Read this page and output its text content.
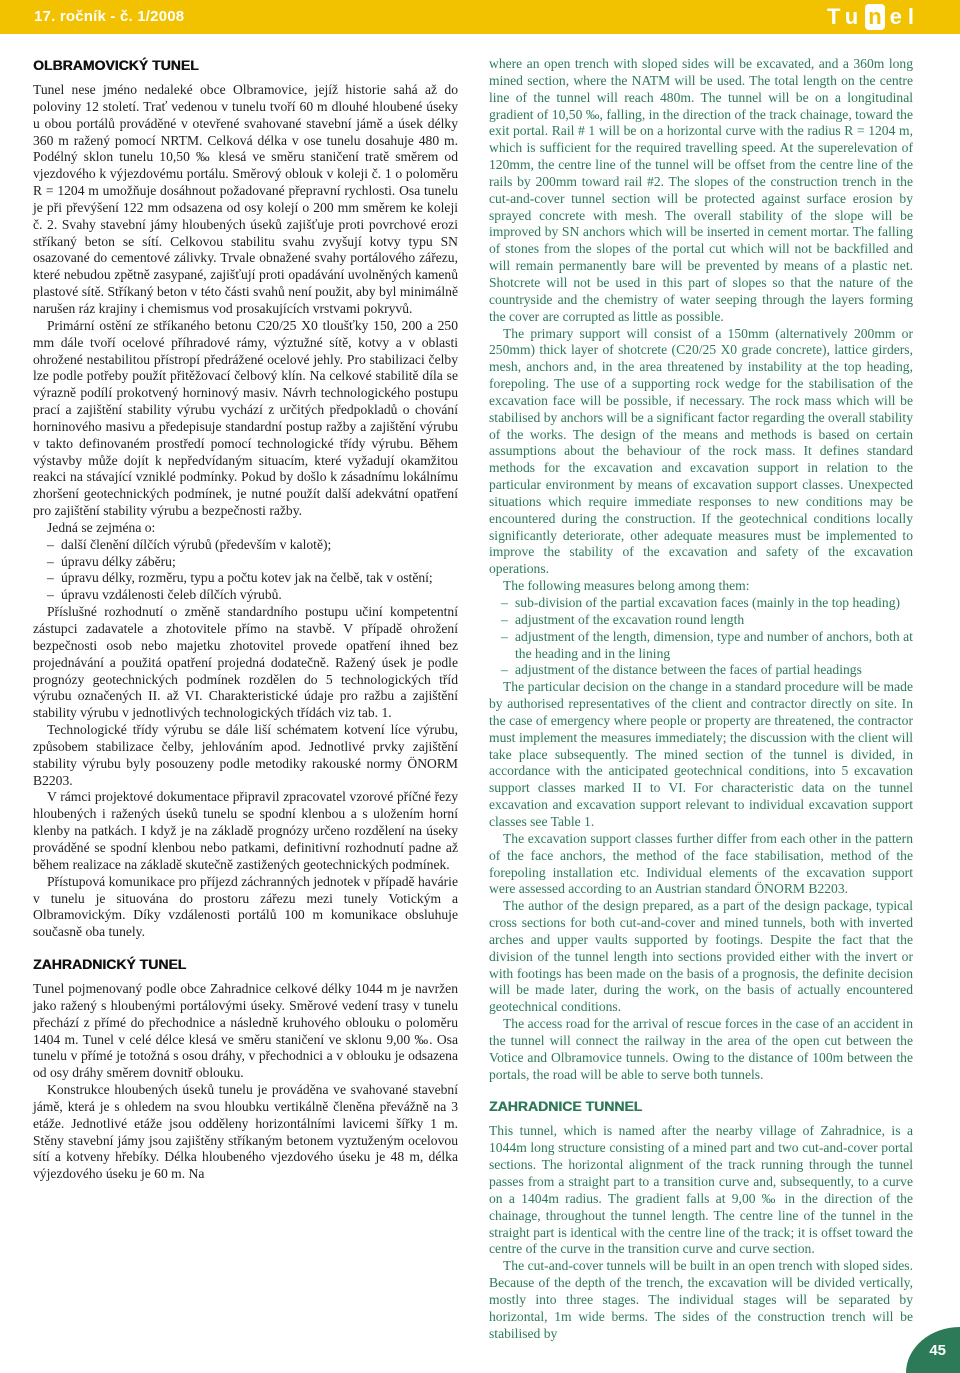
17. ročník - č. 1/2008	Tu n el
OLBRAMOVICKÝ TUNEL

Tunel nese jméno nedaleké obce Olbramovice, jejíž historie sahá až do poloviny 12 století. Trať vedenou v tunelu tvoří 60 m dlouhé hloubené úseky u obou portálů prováděné v otevřené svahované stavební jámě a úsek délky 360 m ražený pomocí NRTM. Celková délka v ose tunelu dosahuje 480 m. Podélný sklon tunelu 10,50 ‰ klesá ve směru staničení tratě směrem od vjezdového k výjezdovému portálu. Směrový oblouk v koleji č. 1 o poloměru R = 1204 m umožňuje dosáhnout požadované přepravní rychlosti. Osa tunelu je při převýšení 122 mm odsazena od osy kolejí o 200 mm směrem ke koleji č. 2. Svahy stavební jámy hloubených úseků zajišťuje proti povrchové erozi stříkaný beton se sítí. Celkovou stabilitu svahu zvyšují kotvy typu SN osazované do cementové zálivky. Trvale obnažené svahy portálového zářezu, které nebudou zpětně zasypané, zajišťují proti opadávání uvolněných kamenů plastové sítě. Stříkaný beton v této části svahů není použit, aby byl minimálně narušen ráz krajiny i chemismus vod prosakujících vrstvami pokryvů.

Primární ostění ze stříkaného betonu C20/25 X0 tloušťky 150, 200 a 250 mm dále tvoří ocelové příhradové rámy, výztužné sítě, kotvy a v oblasti ohrožené nestabilitou přístropí předrážené ocelové jehly. Pro stabilizaci čelby lze podle potřeby použít přitěžovací čelbový klín. Na celkové stabilitě díla se výrazně podílí prokotvený horninový masiv. Návrh technologického postupu prací a zajištění stability výrubu vychází z určitých předpokladů o chování horninového masivu a předepisuje standardní postup ražby a zajištění výrubu v takto definovaném prostředí pomocí technologické třídy výrubu. Během výstavby může dojít k nepředvídaným situacím, které vyžadují okamžitou reakci na stávající vzniklé podmínky. Pokud by došlo k zásadnímu lokálnímu zhoršení geotechnických podmínek, je nutné použít další adekvátní opatření pro zajištění stability výrubu a bezpečnosti ražby.

Jedná se zejména o:

– další členění dílčích výrubů (především v kalotě);
– úpravu délky záběru;
– úpravu délky, rozměru, typu a počtu kotev jak na čelbě, tak v ostění;
– úpravu vzdálenosti čeleb dílčích výrubů.

Příslušné rozhodnutí o změně standardního postupu učiní kompetentní zástupci zadavatele a zhotovitele přímo na stavbě. V případě ohrožení bezpečnosti osob nebo majetku zhotovitel provede opatření ihned bez projednávání a použitá opatření projedná dodatečně. Ražený úsek je podle prognózy geotechnických podmínek rozdělen do 5 technologických tříd výrubu označených II. až VI. Charakteristické údaje pro ražbu a zajištění stability výrubu v jednotlivých technologických třídách viz tab. 1.

Technologické třídy výrubu se dále liší schématem kotvení líce výrubu, způsobem stabilizace čelby, jehlováním apod. Jednotlivé prvky zajištění stability výrubu byly posouzeny podle metodiky rakouské normy ÖNORM B2203.

V rámci projektové dokumentace připravil zpracovatel vzorové příčné řezy hloubených i ražených úseků tunelu se spodní klenbou a s uložením horní klenby na patkách. I když je na základě prognózy určeno rozdělení na úseky prováděné se spodní klenbou nebo patkami, definitivní rozhodnutí padne až během realizace na základě skutečně zastižených geotechnických podmínek.

Přístupová komunikace pro příjezd záchranných jednotek v případě havárie v tunelu je situována do prostoru zářezu mezi tunely Votickým a Olbramovickým. Díky vzdálenosti portálů 100 m komunikace obsluhuje současně oba tunely.

ZAHRADNICKÝ TUNEL

Tunel pojmenovaný podle obce Zahradnice celkové délky 1044 m je navržen jako ražený s hloubenými portálovými úseky. Směrové vedení trasy v tunelu přechází z přímé do přechodnice a následně kruhového oblouku o poloměru 1404 m. Tunel v celé délce klesá ve směru staničení ve sklonu 9,00 ‰. Osa tunelu v přímé je totožná s osou dráhy, v přechodnici a v oblouku je odsazena od osy dráhy směrem dovnitř oblouku.

Konstrukce hloubených úseků tunelu je prováděna ve svahované stavební jámě, která je s ohledem na svou hloubku vertikálně členěna převážně na 3 etáže. Jednotlivé etáže jsou odděleny horizontálními lavicemi šířky 1 m. Stěny stavební jámy jsou zajištěny stříkaným betonem vyztuženým ocelovou sítí a kotveny hřebíky. Délka hloubeného vjezdového úseku je 48 m, délka výjezdového úseku je 60 m. Na

where an open trench with sloped sides will be excavated, and a 360m long mined section, where the NATM will be used. The total length on the centre line of the tunnel will reach 480m. The tunnel will be on a longitudinal gradient of 10,50 ‰, falling, in the direction of the track chainage, toward the exit portal. Rail # 1 will be on a horizontal curve with the radius R = 1204 m, which is sufficient for the required travelling speed. At the superelevation of 120mm, the centre line of the tunnel will be offset from the centre line of the rails by 200mm toward rail #2. The slopes of the construction trench in the cut-and-cover tunnel section will be protected against surface erosion by sprayed concrete with mesh. The overall stability of the slope will be improved by SN anchors which will be inserted in cement mortar. The falling of stones from the slopes of the portal cut which will not be backfilled and will remain permanently bare will be prevented by means of a plastic net. Shotcrete will not be used in this part of slopes so that the nature of the countryside and the chemistry of water seeping through the layers forming the cover are corrupted as little as possible.

The primary support will consist of a 150mm (alternatively 200mm or 250mm) thick layer of shotcrete (C20/25 X0 grade concrete), lattice girders, mesh, anchors and, in the area threatened by instability at the top heading, forepoling. The use of a supporting rock wedge for the stabilisation of the excavation face will be possible, if necessary. The rock mass which will be stabilised by anchors will be a significant factor regarding the overall stability of the works. The design of the means and methods is based on certain assumptions about the behaviour of the rock mass. It defines standard methods for the excavation and excavation support in relation to the particular environment by means of excavation support classes. Unexpected situations which require immediate responses to new conditions may be encountered during the construction. If the geotechnical conditions locally significantly deteriorate, other adequate measures must be implemented to improve the stability of the excavation and safety of the excavation operations.

The following measures belong among them:

– sub-division of the partial excavation faces (mainly in the top heading)
– adjustment of the excavation round length
– adjustment of the length, dimension, type and number of anchors, both at the heading and in the lining
– adjustment of the distance between the faces of partial headings

The particular decision on the change in a standard procedure will be made by authorised representatives of the client and contractor directly on site. In the case of emergency where people or property are threatened, the contractor must implement the measures immediately; the discussion with the client will take place subsequently. The mined section of the tunnel is divided, in accordance with the anticipated geotechnical conditions, into 5 excavation support classes marked II to VI. For characteristic data on the tunnel excavation and excavation support relevant to individual excavation support classes see Table 1.

The excavation support classes further differ from each other in the pattern of the face anchors, the method of the face stabilisation, method of the forepoling installation etc. Individual elements of the excavation support were assessed according to an Austrian standard ÖNORM B2203.

The author of the design prepared, as a part of the design package, typical cross sections for both cut-and-cover and mined tunnels, both with inverted arches and upper vaults supported by footings. Despite the fact that the division of the tunnel length into sections provided either with the invert or with footings has been made on the basis of a prognosis, the definite decision will be made later, during the work, on the basis of actually encountered geotechnical conditions.

The access road for the arrival of rescue forces in the case of an accident in the tunnel will connect the railway in the area of the open cut between the Votice and Olbramovice tunnels. Owing to the distance of 100m between the portals, the road will be able to serve both tunnels.

ZAHRADNICE TUNNEL

This tunnel, which is named after the nearby village of Zahradnice, is a 1044m long structure consisting of a mined part and two cut-and-cover portal sections. The horizontal alignment of the track running through the tunnel passes from a straight part to a transition curve and, subsequently, to a curve on a 1404m radius. The gradient falls at 9,00 ‰ in the direction of the chainage, throughout the tunnel length. The centre line of the tunnel in the straight part is identical with the centre line of the track; it is offset toward the centre of the curve in the transition curve and curve section.

The cut-and-cover tunnels will be built in an open trench with sloped sides. Because of the depth of the trench, the excavation will be divided vertically, mostly into three stages. The individual stages will be separated by horizontal, 1m wide berms. The sides of the construction trench will be stabilised by

45
